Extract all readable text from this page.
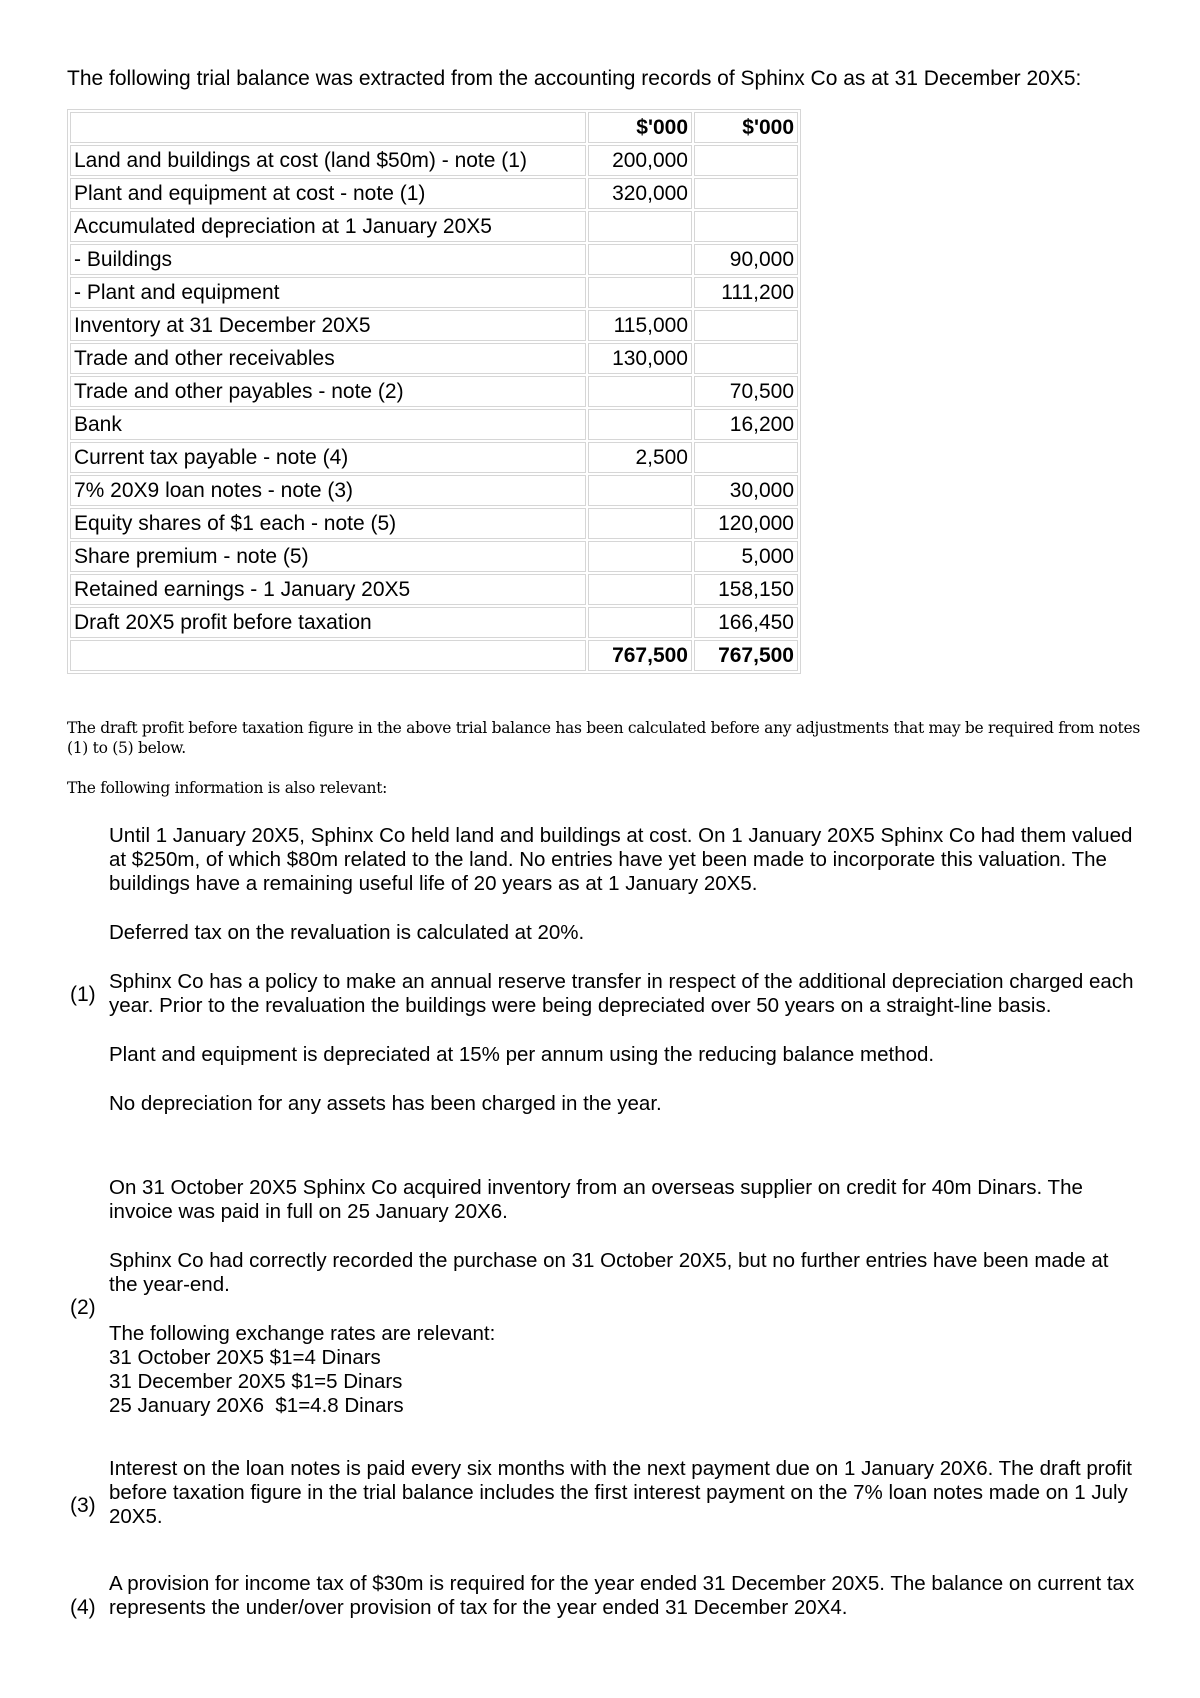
The following trial balance was extracted from the accounting records of Sphinx Co as at 31 December 20X5:
	$'000	$'000
Land and buildings at cost (land $50m) - note (1)	200,000	
Plant and equipment at cost - note (1)	320,000	
Accumulated depreciation at 1 January 20X5		
- Buildings		90,000
- Plant and equipment		111,200
Inventory at 31 December 20X5	115,000	
Trade and other receivables	130,000	
Trade and other payables - note (2)		70,500
Bank		16,200
Current tax payable - note (4)	2,500	
7% 20X9 loan notes - note (3)		30,000
Equity shares of $1 each - note (5)		120,000
Share premium - note (5)		5,000
Retained earnings - 1 January 20X5		158,150
Draft 20X5 profit before taxation		166,450
	767,500	767,500
The draft profit before taxation figure in the above trial balance has been calculated before any adjustments that may be required from notes (1) to (5) below.
The following information is also relevant:
(1)

Until 1 January 20X5, Sphinx Co held land and buildings at cost. On 1 January 20X5 Sphinx Co had them valued at $250m, of which $80m related to the land. No entries have yet been made to incorporate this valuation. The buildings have a remaining useful life of 20 years as at 1 January 20X5.

Deferred tax on the revaluation is calculated at 20%.

Sphinx Co has a policy to make an annual reserve transfer in respect of the additional depreciation charged each year. Prior to the revaluation the buildings were being depreciated over 50 years on a straight-line basis.

Plant and equipment is depreciated at 15% per annum using the reducing balance method.

No depreciation for any assets has been charged in the year.

(2)

On 31 October 20X5 Sphinx Co acquired inventory from an overseas supplier on credit for 40m Dinars. The invoice was paid in full on 25 January 20X6.

Sphinx Co had correctly recorded the purchase on 31 October 20X5, but no further entries have been made at the year-end.

The following exchange rates are relevant:
31 October 20X5 $1=4 Dinars
31 December 20X5 $1=5 Dinars
25 January 20X6  $1=4.8 Dinars
(3)
Interest on the loan notes is paid every six months with the next payment due on 1 January 20X6. The draft profit before taxation figure in the trial balance includes the first interest payment on the 7% loan notes made on 1 July 20X5.
(4)
A provision for income tax of $30m is required for the year ended 31 December 20X5. The balance on current tax represents the under/over provision of tax for the year ended 31 December 20X4.
